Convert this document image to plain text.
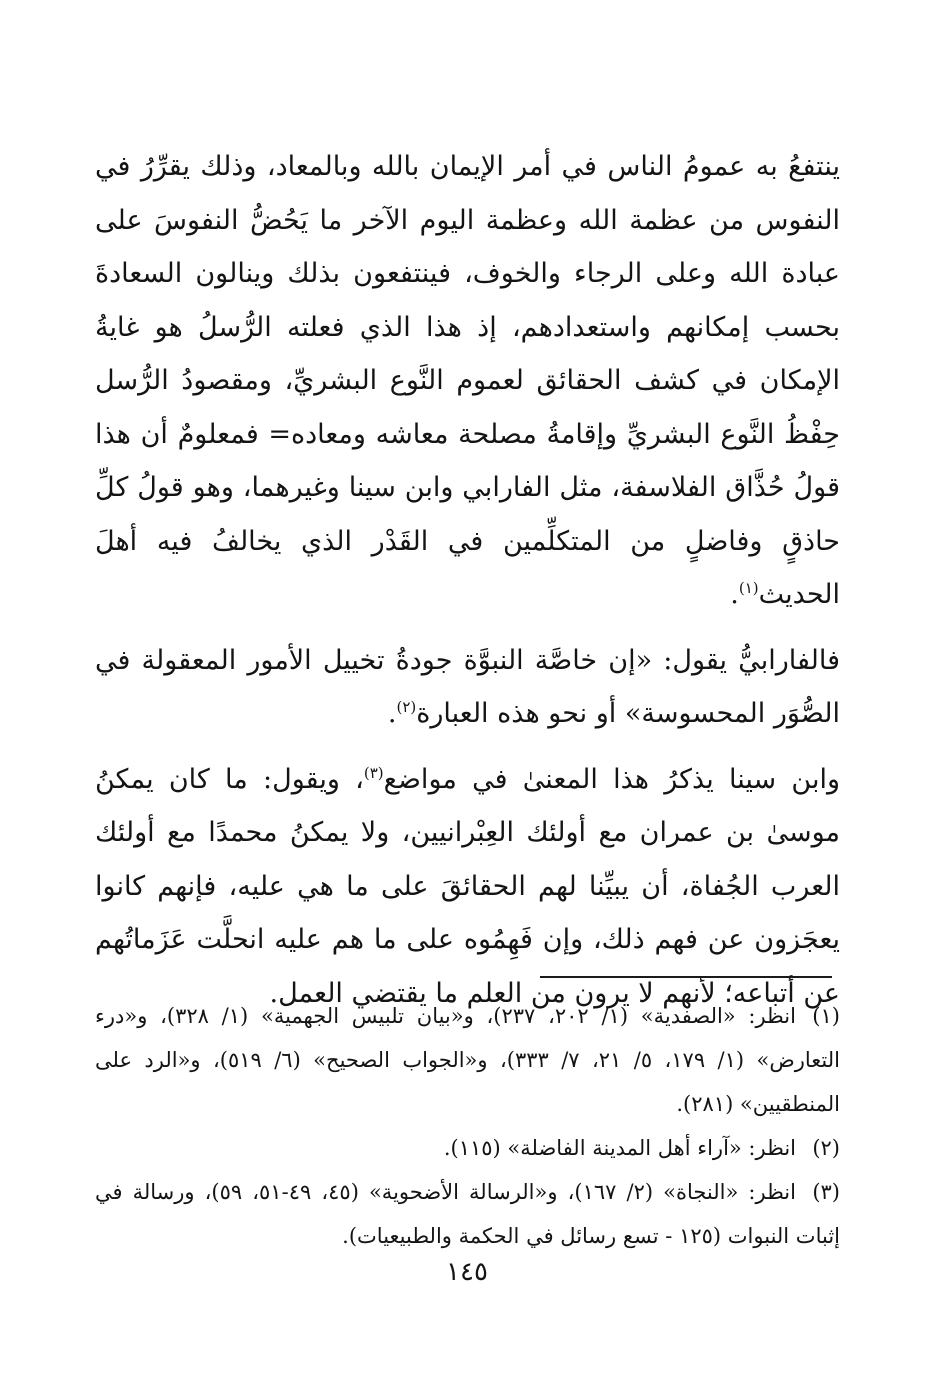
ينتفعُ به عمومُ الناس في أمر الإيمان بالله وبالمعاد، وذلك يقرِّرُ في النفوس من عظمة الله وعظمة اليوم الآخر ما يَحُضُّ النفوسَ على عبادة الله وعلى الرجاء والخوف، فينتفعون بذلك وينالون السعادةَ بحسب إمكانهم واستعدادهم، إذ هذا الذي فعلته الرُّسلُ هو غايةُ الإمكان في كشف الحقائق لعموم النَّوع البشريِّ، ومقصودُ الرُّسل حِفْظُ النَّوع البشريِّ وإقامةُ مصلحة معاشه ومعاده= فمعلومٌ أن هذا قولُ حُذَّاق الفلاسفة، مثل الفارابي وابن سينا وغيرهما، وهو قولُ كلِّ حاذقٍ وفاضلٍ من المتكلِّمين في القَدْر الذي يخالفُ فيه أهلَ الحديث$^{(١)}$.

فالفارابيُّ يقول: «إن خاصَّة النبوَّة جودةُ تخييل الأمور المعقولة في الصُّوَر المحسوسة» أو نحو هذه العبارة$^{(٢)}$.

وابن سينا يذكرُ هذا المعنىٰ في مواضع$^{(٣)}$، ويقول: ما كان يمكنُ موسىٰ بن عمران مع أولئك العِبْرانيين، ولا يمكنُ محمدًا مع أولئك العرب الجُفاة، أن يبيِّنا لهم الحقائقَ على ما هي عليه، فإنهم كانوا يعجَزون عن فهم ذلك، وإن فَهِمُوه على ما هم عليه انحلَّت عَزَماتُهم عن أتباعه؛ لأنهم لا يرون من العلم ما يقتضي العمل.

(١)انظر: «الصفدية» (١/ ٢٠٢، ٢٣٧)، و«بيان تلبيس الجهمية» (١/ ٣٢٨)، و«درء التعارض» (١/ ١٧٩، ٥/ ٢١، ٧/ ٣٣٣)، و«الجواب الصحيح» (٦/ ٥١٩)، و«الرد على المنطقيين» (٢٨١).

(٢)انظر: «آراء أهل المدينة الفاضلة» (١١٥).

(٣)انظر: «النجاة» (٢/ ١٦٧)، و«الرسالة الأضحوية» (٤٥، ٤٩-٥١، ٥٩)، ورسالة في إثبات النبوات (١٢٥ - تسع رسائل في الحكمة والطبيعيات).

١٤٥
